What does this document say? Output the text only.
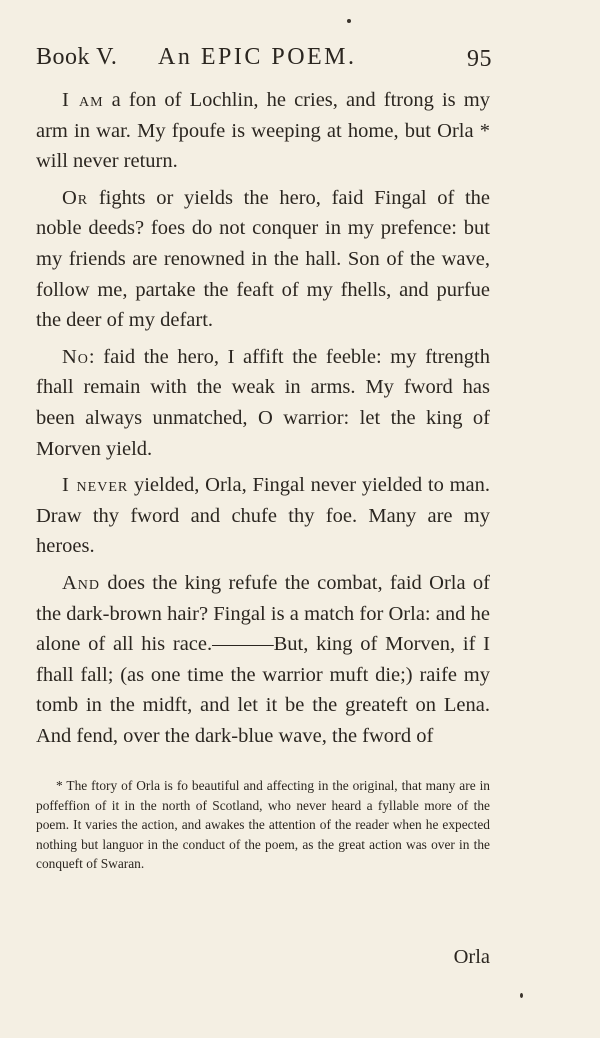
Book V. An EPIC POEM.	95

I am a fon of Lochlin, he cries, and ftrong is my arm in war. My fpoufe is weeping at home, but Orla * will never return.

Or fights or yields the hero, faid Fingal of the noble deeds? foes do not conquer in my prefence: but my friends are renowned in the hall. Son of the wave, follow me, partake the feaft of my fhells, and purfue the deer of my defart.

No: faid the hero, I affift the feeble: my ftrength fhall remain with the weak in arms. My fword has been always unmatched, O warrior: let the king of Morven yield.

I never yielded, Orla, Fingal never yielded to man. Draw thy fword and chufe thy foe. Many are my heroes.

And does the king refufe the combat, faid Orla of the dark-brown hair? Fingal is a match for Orla: and he alone of all his race.———But, king of Morven, if I fhall fall; (as one time the warrior muft die;) raife my tomb in the midft, and let it be the greateft on Lena. And fend, over the dark-blue wave, the fword of

* The ftory of Orla is fo beautiful and affecting in the original, that many are in poffeffion of it in the north of Scotland, who never heard a fyllable more of the poem. It varies the action, and awakes the attention of the reader when he expected nothing but languor in the conduct of the poem, as the great action was over in the conqueft of Swaran.
Orla
